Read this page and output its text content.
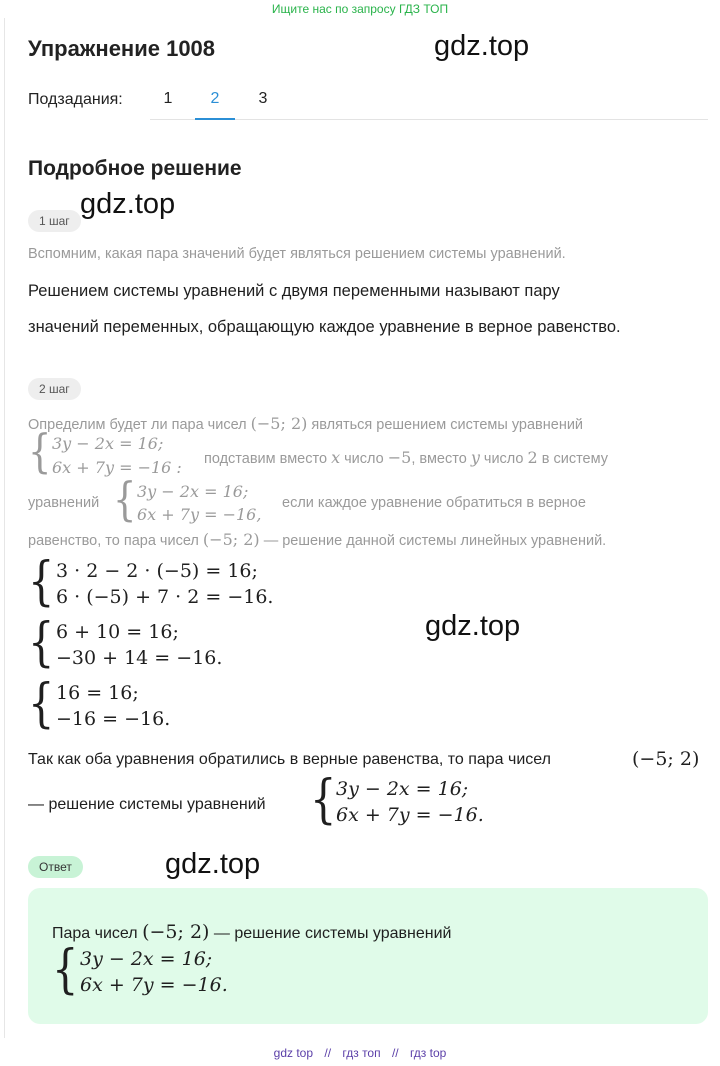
Ищите нас по запросу ГДЗ ТОП
Упражнение 1008	gdz.top
Подзадания:	1	2	3
Подробное решение
1 шаг
gdz.top
Вспомним, какая пара значений будет являться решением системы уравнений.
Решением системы уравнений с двумя переменными называют пару
значений переменных, обращающую каждое уравнение в верное равенство.
2 шаг
Определим будет ли пара чисел (−5; 2) являться решением системы уравнений
{ 3y − 2x = 16;
6x + 7y = −16 : подставим вместо x число −5, вместо y число 2 в систему
уравнений { 3y − 2x = 16;
6x + 7y = −16,
если каждое уравнение обратиться в верное
равенство, то пара чисел (−5; 2) — решение данной системы линейных уравнений.
{ 3 · 2 − 2 · (−5) = 16;
6 · (−5) + 7 · 2 = −16.
{ 6 + 10 = 16;
−30 + 14 = −16.
gdz.top
{ 16 = 16;
−16 = −16.
Так как оба уравнения обратились в верные равенства, то пара чисел	(−5; 2)
— решение системы уравнений { 3y − 2x = 16;
6x + 7y = −16.
Ответ	gdz.top
Пара чисел (−5; 2) — решение системы уравнений
{ 3y − 2x = 16;
6x + 7y = −16.
gdz top // гдз топ // гдз top
